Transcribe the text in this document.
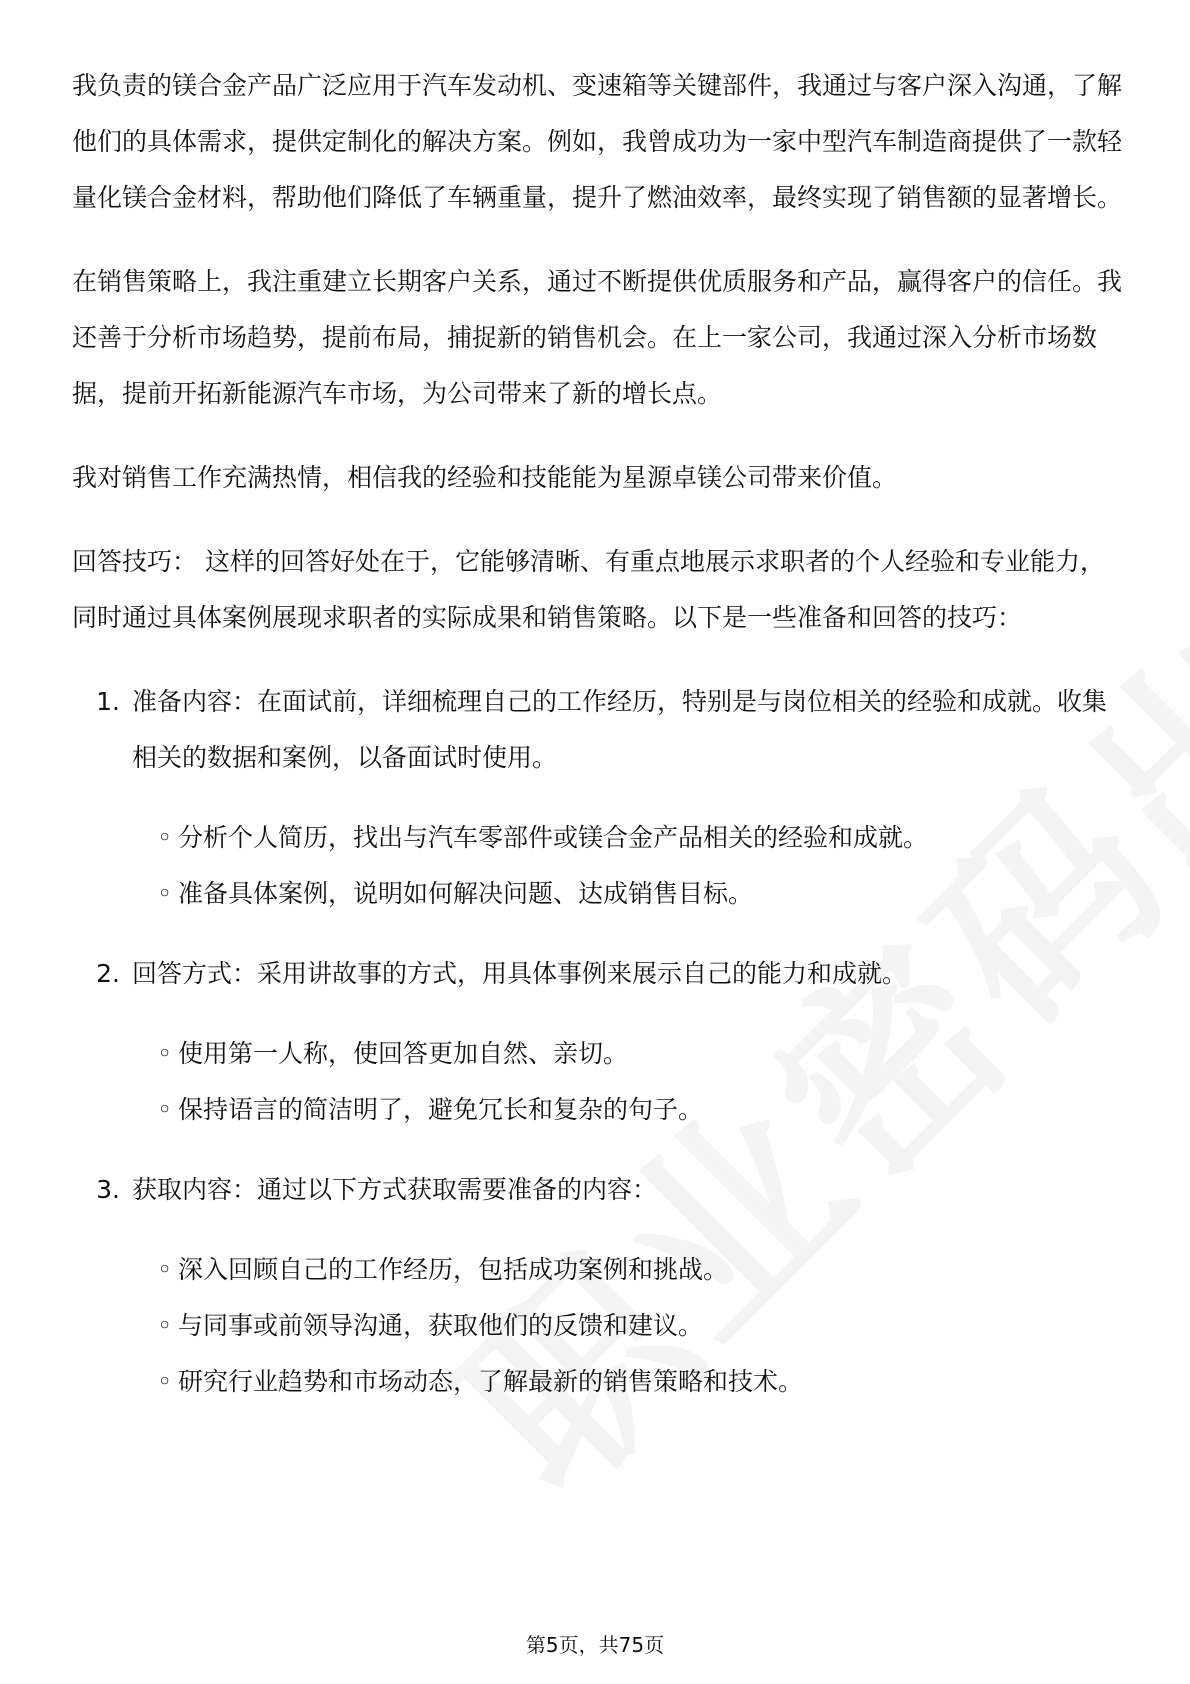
我负责的镁合金产品广泛应用于汽车发动机、变速箱等关键部件，我通过与客户深入沟通，了解他们的具体需求，提供定制化的解决方案。例如，我曾成功为一家中型汽车制造商提供了一款轻量化镁合金材料，帮助他们降低了车辆重量，提升了燃油效率，最终实现了销售额的显著增长。

在销售策略上，我注重建立长期客户关系，通过不断提供优质服务和产品，赢得客户的信任。我还善于分析市场趋势，提前布局，捕捉新的销售机会。在上一家公司，我通过深入分析市场数据，提前开拓新能源汽车市场，为公司带来了新的增长点。

我对销售工作充满热情，相信我的经验和技能能为星源卓镁公司带来价值。

回答技巧： 这样的回答好处在于，它能够清晰、有重点地展示求职者的个人经验和专业能力，同时通过具体案例展现求职者的实际成果和销售策略。以下是一些准备和回答的技巧：

1. 准备内容：在面试前，详细梳理自己的工作经历，特别是与岗位相关的经验和成就。收集相关的数据和案例，以备面试时使用。
◦ 分析个人简历，找出与汽车零部件或镁合金产品相关的经验和成就。
◦ 准备具体案例，说明如何解决问题、达成销售目标。
2. 回答方式：采用讲故事的方式，用具体事例来展示自己的能力和成就。
◦ 使用第一人称，使回答更加自然、亲切。
◦ 保持语言的简洁明了，避免冗长和复杂的句子。
3. 获取内容：通过以下方式获取需要准备的内容：
◦ 深入回顾自己的工作经历，包括成功案例和挑战。
◦ 与同事或前领导沟通，获取他们的反馈和建议。
◦ 研究行业趋势和市场动态，了解最新的销售策略和技术。
第5页，共75页
